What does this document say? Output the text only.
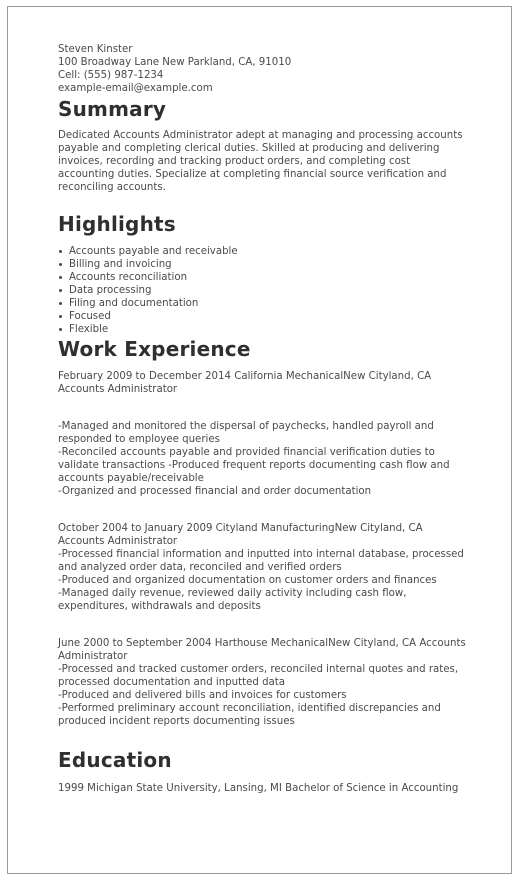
Steven Kinster
100 Broadway Lane New Parkland, CA, 91010
Cell: (555) 987-1234
example-email@example.com
Summary

Dedicated Accounts Administrator adept at managing and processing accounts payable and completing clerical duties. Skilled at producing and delivering invoices, recording and tracking product orders, and completing cost accounting duties. Specialize at completing financial source verification and reconciling accounts.

Highlights
Accounts payable and receivable
Billing and invoicing
Accounts reconciliation
Data processing
Filing and documentation
Focused
Flexible
Work Experience

February 2009 to December 2014 California MechanicalNew Cityland, CA Accounts Administrator

-Managed and monitored the dispersal of paychecks, handled payroll and responded to employee queries

-Reconciled accounts payable and provided financial verification duties to validate transactions -Produced frequent reports documenting cash flow and accounts payable/receivable

-Organized and processed financial and order documentation

October 2004 to January 2009 Cityland ManufacturingNew Cityland, CA Accounts Administrator

-Processed financial information and inputted into internal database, processed and analyzed order data, reconciled and verified orders

-Produced and organized documentation on customer orders and finances

-Managed daily revenue, reviewed daily activity including cash flow, expenditures, withdrawals and deposits

June 2000 to September 2004 Harthouse MechanicalNew Cityland, CA Accounts Administrator

-Processed and tracked customer orders, reconciled internal quotes and rates, processed documentation and inputted data

-Produced and delivered bills and invoices for customers

-Performed preliminary account reconciliation, identified discrepancies and produced incident reports documenting issues

Education

1999 Michigan State University, Lansing, MI Bachelor of Science in Accounting
